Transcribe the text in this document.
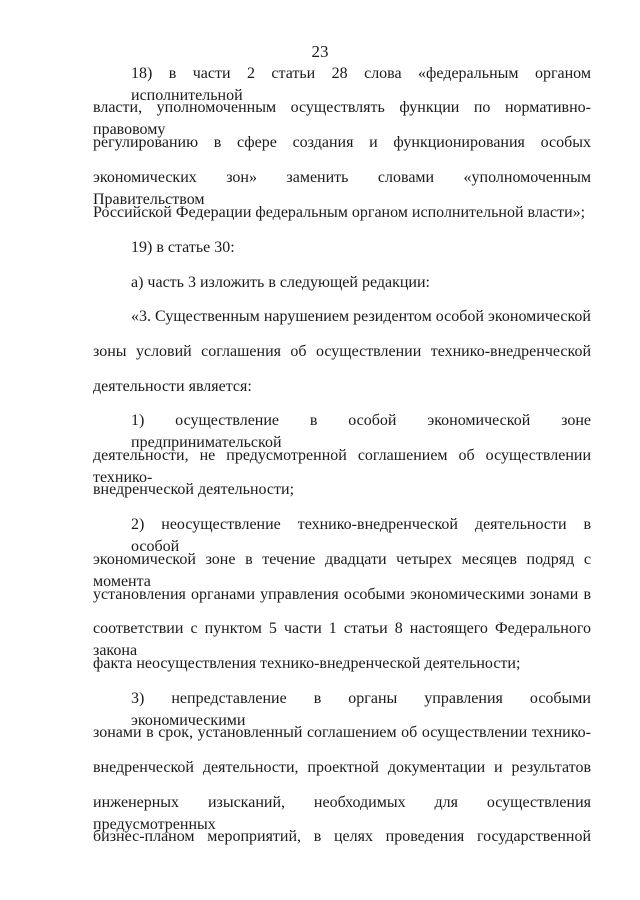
23
18) в части 2 статьи 28 слова «федеральным органом исполнительной
власти, уполномоченным осуществлять функции по нормативно-правовому
регулированию в сфере создания и функционирования особых
экономических зон» заменить словами «уполномоченным Правительством
Российской Федерации федеральным органом исполнительной власти»;
19) в статье 30:
а) часть 3 изложить в следующей редакции:
«3. Существенным нарушением резидентом особой экономической
зоны условий соглашения об осуществлении технико-внедренческой
деятельности является:
1) осуществление в особой экономической зоне предпринимательской
деятельности, не предусмотренной соглашением об осуществлении технико-
внедренческой деятельности;
2) неосуществление технико-внедренческой деятельности в особой
экономической зоне в течение двадцати четырех месяцев подряд с момента
установления органами управления особыми экономическими зонами в
соответствии с пунктом 5 части 1 статьи 8 настоящего Федерального закона
факта неосуществления технико-внедренческой деятельности;
3) непредставление в органы управления особыми экономическими
зонами в срок, установленный соглашением об осуществлении технико-
внедренческой деятельности, проектной документации и результатов
инженерных изысканий, необходимых для осуществления предусмотренных
бизнес-планом мероприятий, в целях проведения государственной
